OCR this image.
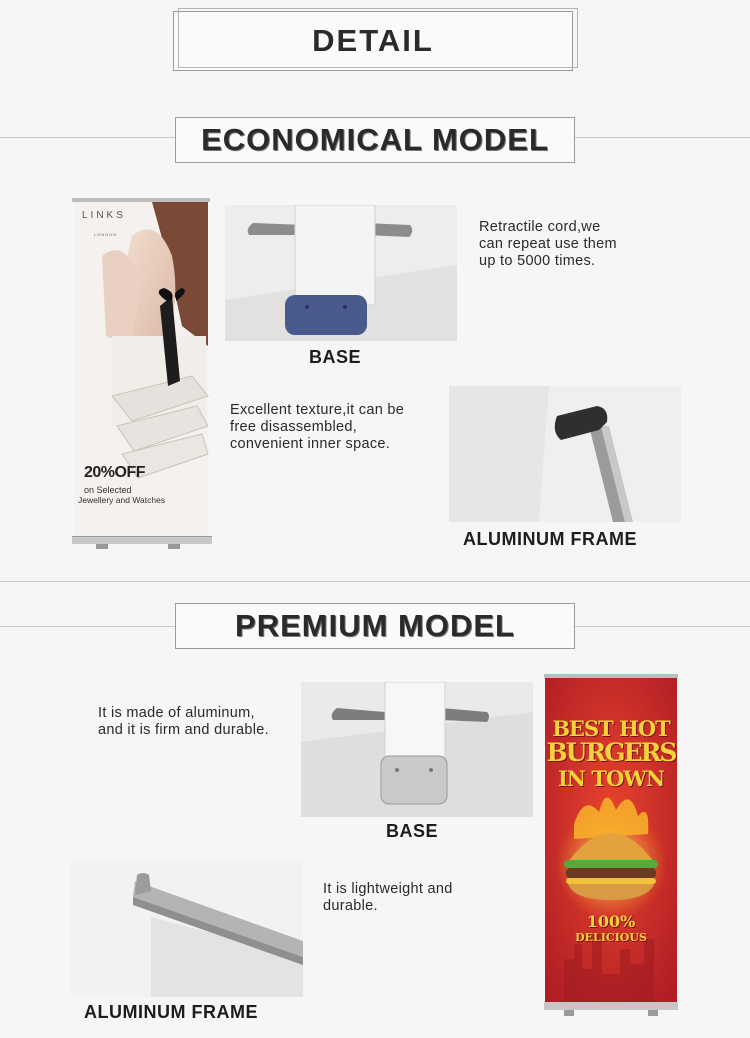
DETAIL
ECONOMICAL MODEL
LINKS
LONDON
20%OFF
on Selected
Jewellery and Watches
BASE
Retractile cord,we
can repeat use them
up to 5000 times.
Excellent texture,it can be
free disassembled,
convenient inner space.
ALUMINUM FRAME
PREMIUM MODEL
It is made of aluminum,
and it is firm and durable.
BASE
ALUMINUM FRAME
It is lightweight and
durable.
BEST HOT
BURGERS
IN TOWN
100%
DELICIOUS
